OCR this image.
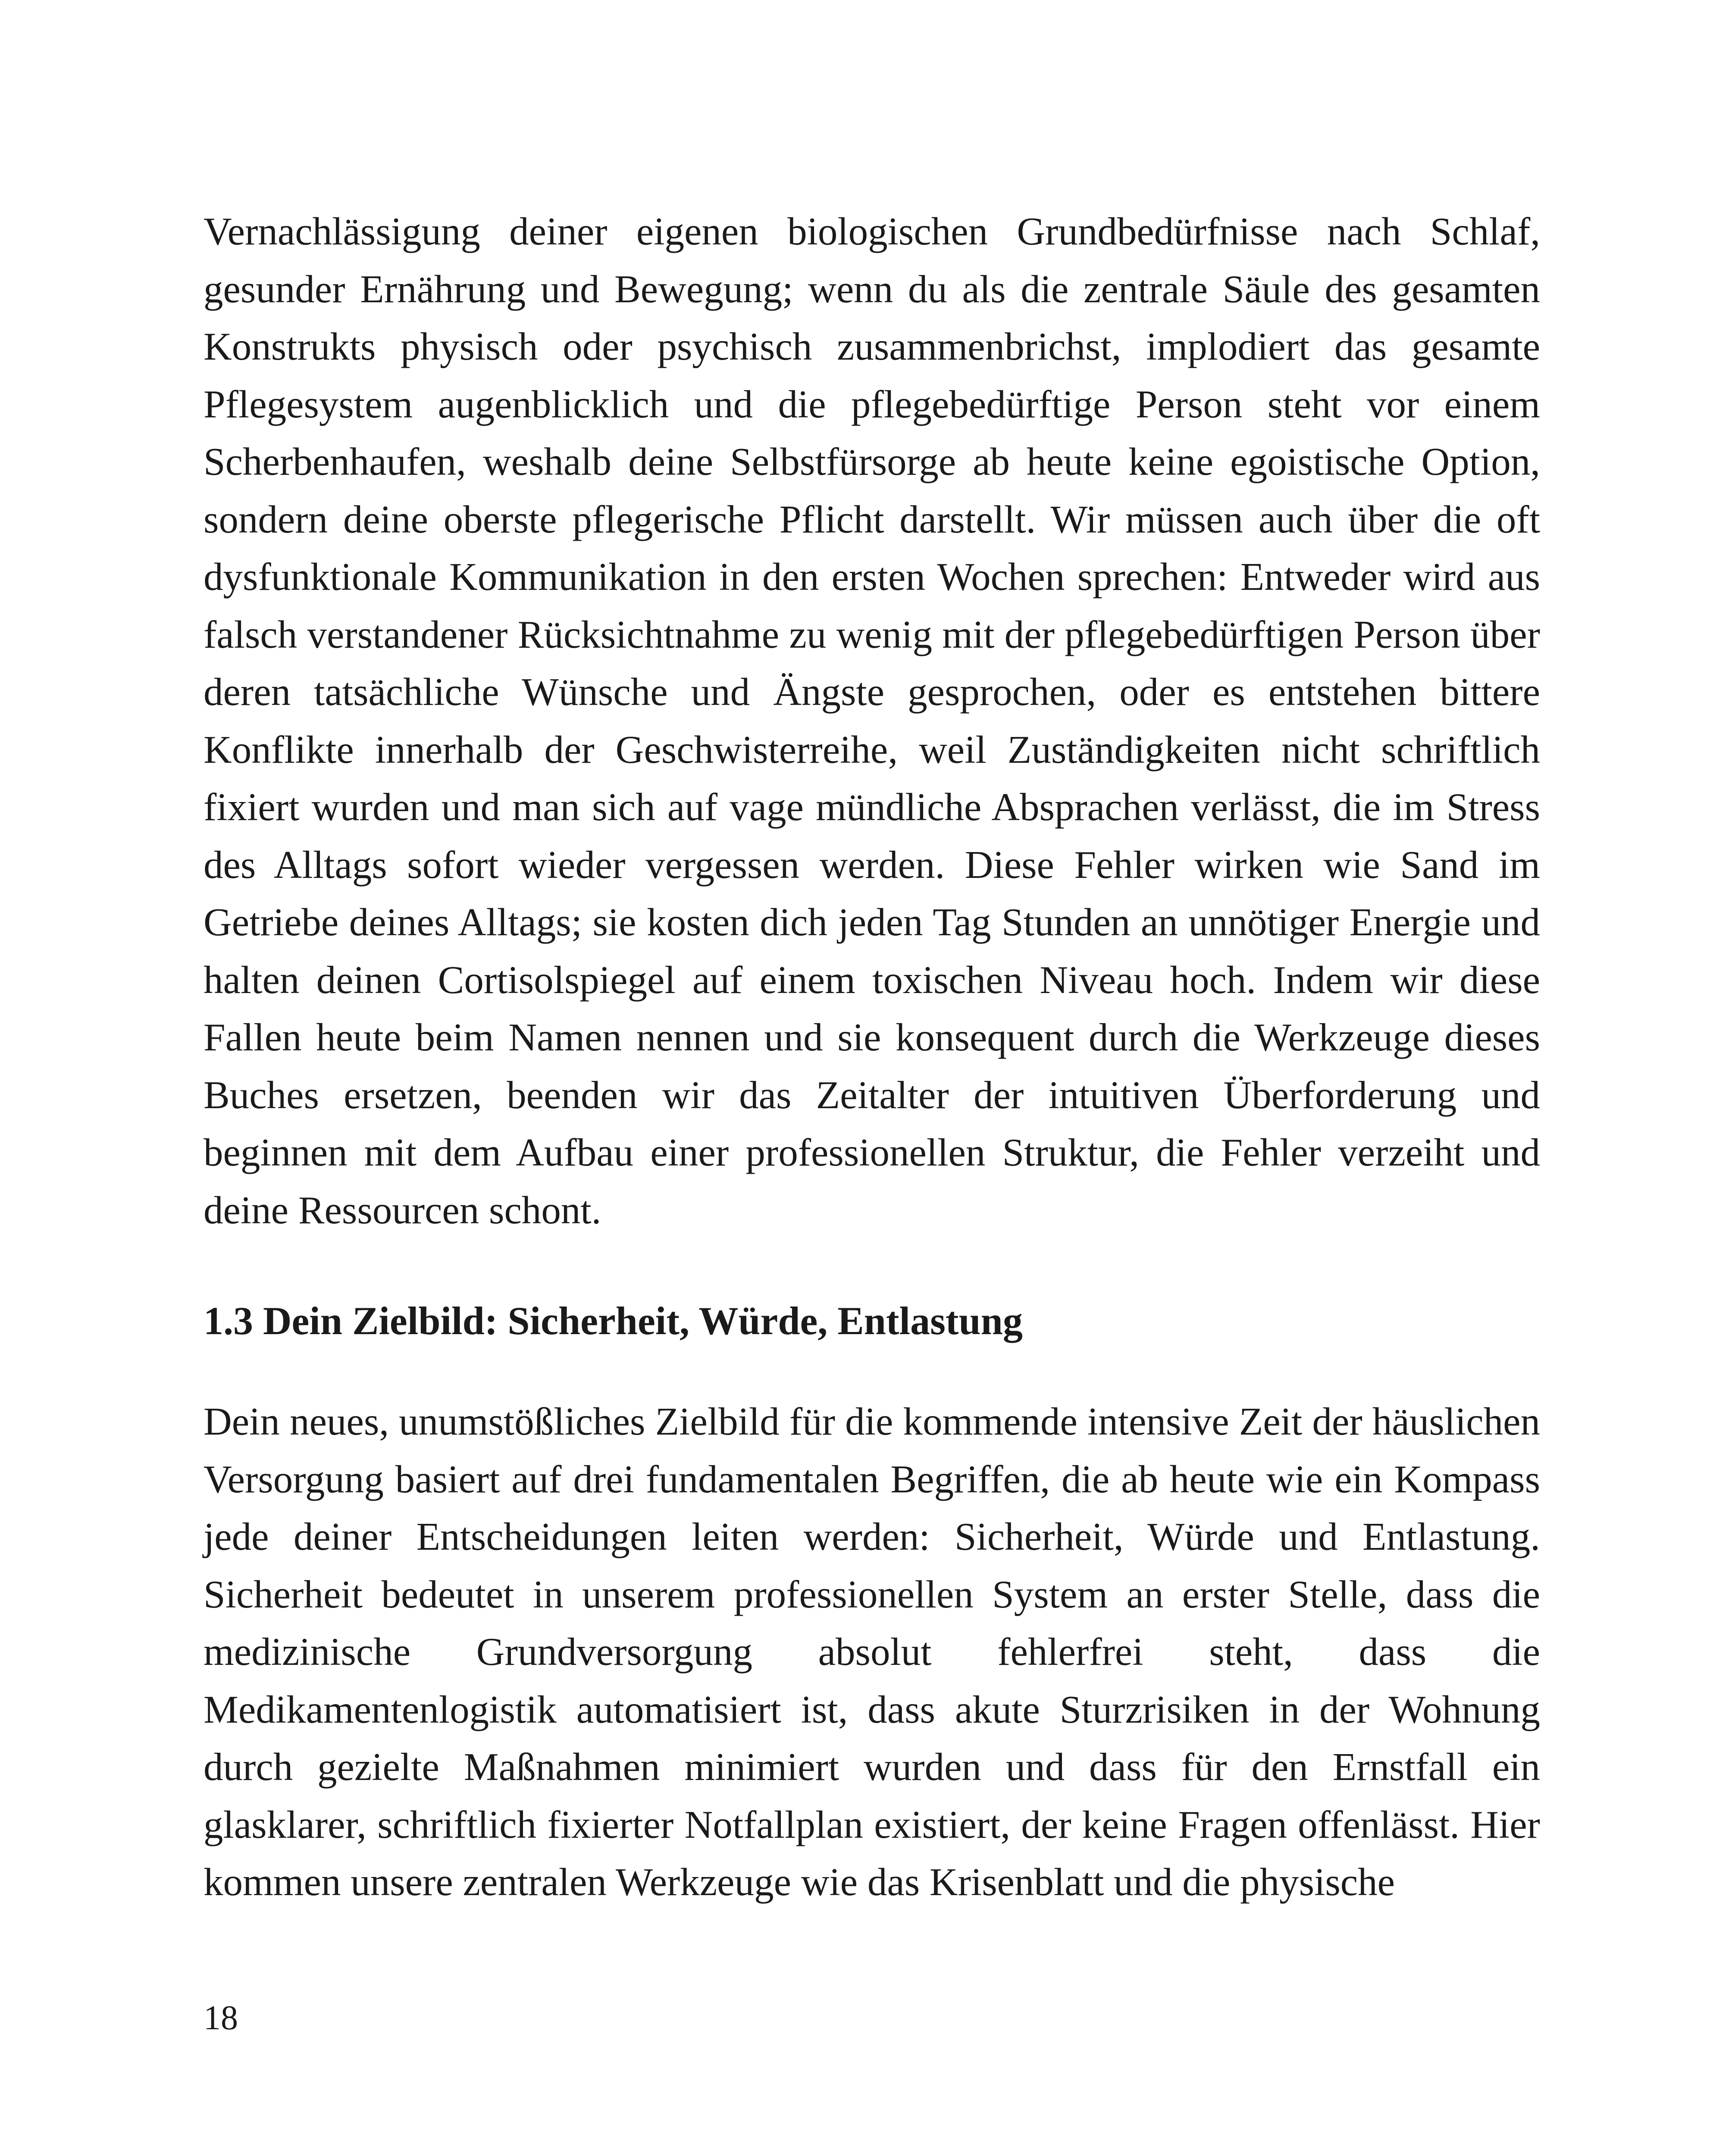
Vernachlässigung deiner eigenen biologischen Grundbedürfnisse nach Schlaf, gesunder Ernährung und Bewegung; wenn du als die zentrale Säule des gesamten Konstrukts physisch oder psychisch zusammenbrichst, implodiert das gesamte Pflegesystem augenblicklich und die pflegebedürftige Person steht vor einem Scherbenhaufen, weshalb deine Selbstfürsorge ab heute keine egoistische Option, sondern deine oberste pflegerische Pflicht darstellt. Wir müssen auch über die oft dysfunktionale Kommunikation in den ersten Wochen sprechen: Entweder wird aus falsch verstandener Rücksichtnahme zu wenig mit der pflegebedürftigen Person über deren tatsächliche Wünsche und Ängste gesprochen, oder es entstehen bittere Konflikte innerhalb der Geschwisterreihe, weil Zuständigkeiten nicht schriftlich fixiert wurden und man sich auf vage mündliche Absprachen verlässt, die im Stress des Alltags sofort wieder vergessen werden. Diese Fehler wirken wie Sand im Getriebe deines Alltags; sie kosten dich jeden Tag Stunden an unnötiger Energie und halten deinen Cortisolspiegel auf einem toxischen Niveau hoch. Indem wir diese Fallen heute beim Namen nennen und sie konsequent durch die Werkzeuge dieses Buches ersetzen, beenden wir das Zeitalter der intuitiven Überforderung und beginnen mit dem Aufbau einer professionellen Struktur, die Fehler verzeiht und deine Ressourcen schont.

1.3 Dein Zielbild: Sicherheit, Würde, Entlastung

Dein neues, unumstößliches Zielbild für die kommende intensive Zeit der häuslichen Versorgung basiert auf drei fundamentalen Begriffen, die ab heute wie ein Kompass jede deiner Entscheidungen leiten werden: Sicherheit, Würde und Entlastung. Sicherheit bedeutet in unserem professionellen System an erster Stelle, dass die medizinische Grundversorgung absolut fehlerfrei steht, dass die Medikamentenlogistik automatisiert ist, dass akute Sturzrisiken in der Wohnung durch gezielte Maßnahmen minimiert wurden und dass für den Ernstfall ein glasklarer, schriftlich fixierter Notfallplan existiert, der keine Fragen offenlässt. Hier kommen unsere zentralen Werkzeuge wie das Krisenblatt und die physische

18
